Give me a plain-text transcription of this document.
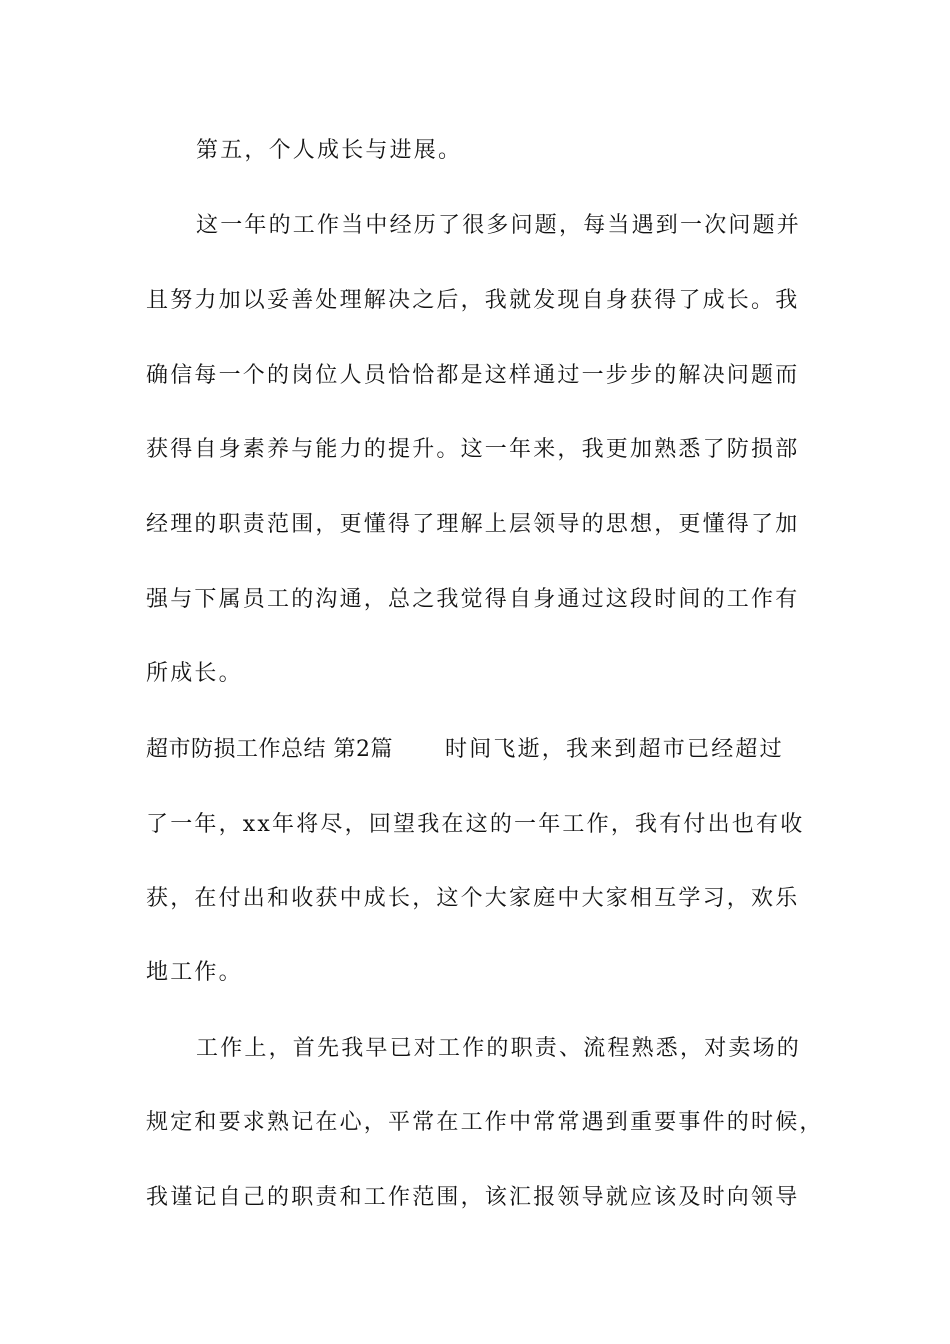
第五，个人成长与进展。
这一年的工作当中经历了很多问题，每当遇到一次问题并
且努力加以妥善处理解决之后，我就发现自身获得了成长。我
确信每一个的岗位人员恰恰都是这样通过一步步的解决问题而
获得自身素养与能力的提升。这一年来，我更加熟悉了防损部
经理的职责范围，更懂得了理解上层领导的思想，更懂得了加
强与下属员工的沟通，总之我觉得自身通过这段时间的工作有
所成长。
超市防损工作总结 第2篇 时间飞逝，我来到超市已经超过
了一年，xx年将尽，回望我在这的一年工作，我有付出也有收
获，在付出和收获中成长，这个大家庭中大家相互学习，欢乐
地工作。
工作上，首先我早已对工作的职责、流程熟悉，对卖场的
规定和要求熟记在心，平常在工作中常常遇到重要事件的时候，
我谨记自己的职责和工作范围，该汇报领导就应该及时向领导
